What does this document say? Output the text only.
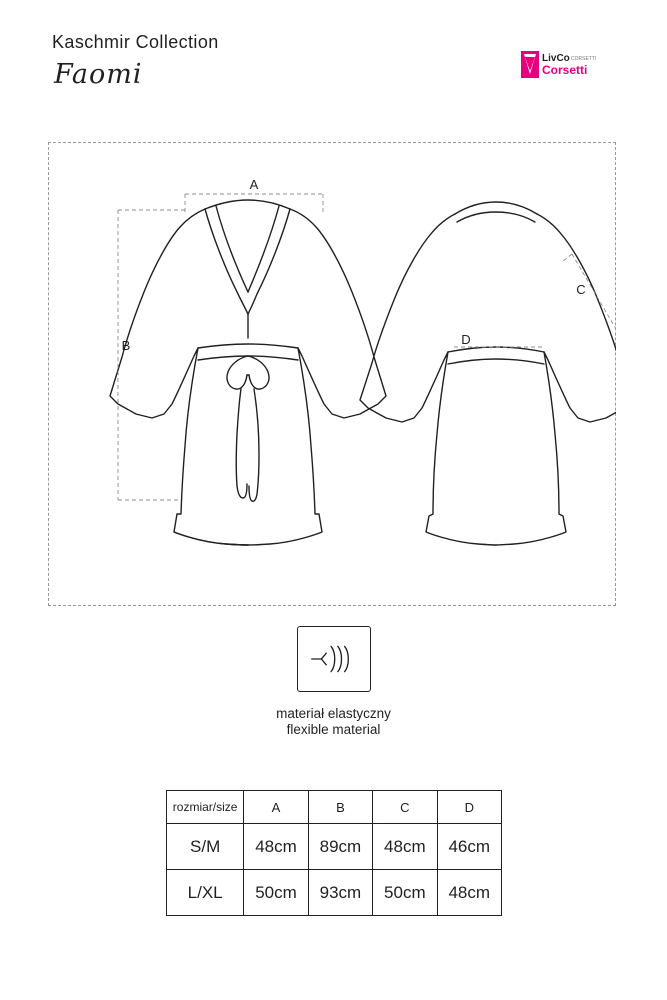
Kaschmir Collection
Faomi
LivCo CORSETTI
Corsetti
A
B
C
D
materiał elastyczny
flexible material
rozmiar/size	A	B	C	D
S/M	48cm	89cm	48cm	46cm
L/XL	50cm	93cm	50cm	48cm
